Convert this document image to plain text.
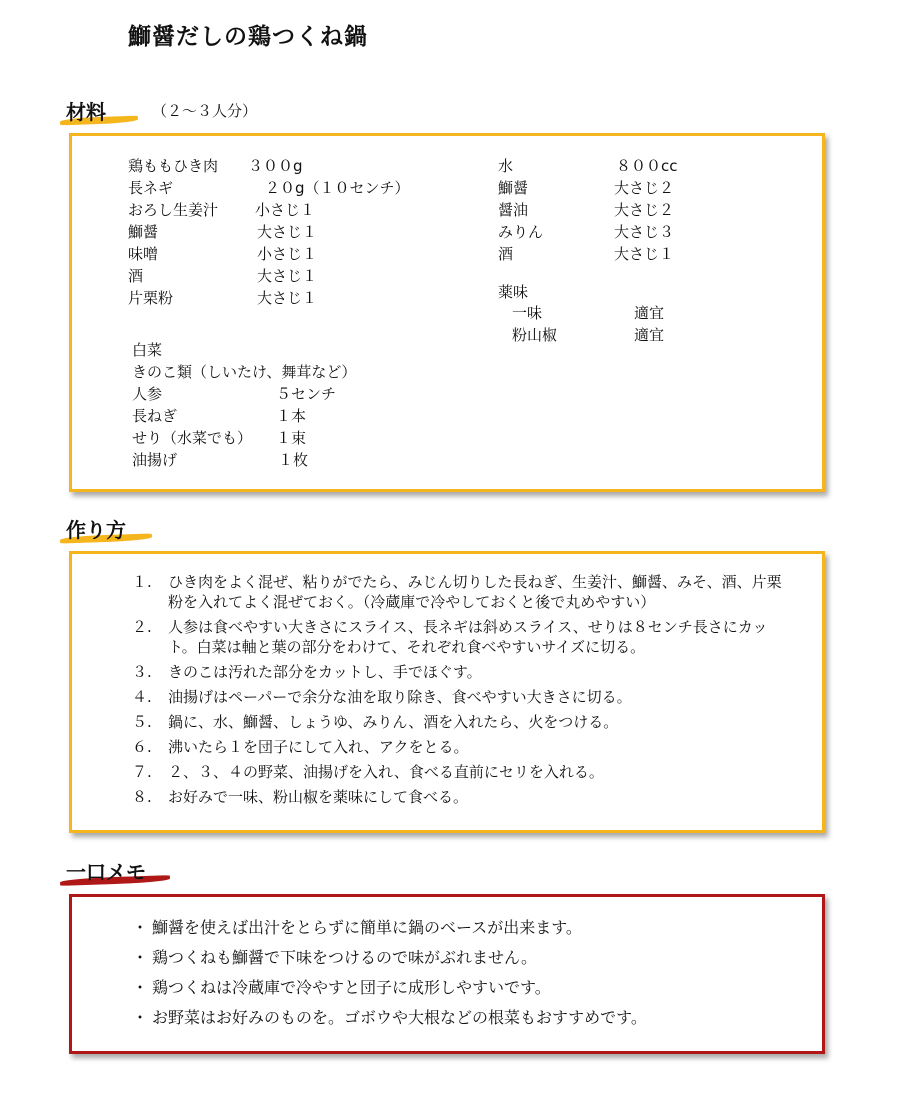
鰤醤だしの鶏つくね鍋
材料	（２～３人分）
鶏ももひき肉 ３００g
長ネギ	２０g（１０センチ）
おろし生姜汁 小さじ１
鰤醤	大さじ１
味噌	小さじ１
酒	大さじ１
片栗粉	大さじ１
白菜
きのこ類（しいたけ、舞茸など）
人参	５センチ
長ねぎ	１本
せり（水菜でも） １束
油揚げ	１枚
水	８００cc
鰤醤	大さじ２
醤油	大さじ２
みりん	大さじ３
酒	大さじ１
薬味
一味	適宜
粉山椒	適宜
作り方
１.	ひき肉をよく混ぜ、粘りがでたら、みじん切りした長ねぎ、生姜汁、鰤醤、みそ、酒、片栗粉を入れてよく混ぜておく。（冷蔵庫で冷やしておくと後で丸めやすい）
２.	人参は食べやすい大きさにスライス、長ネギは斜めスライス、せりは８センチ長さにカット。白菜は軸と葉の部分をわけて、それぞれ食べやすいサイズに切る。
３.	きのこは汚れた部分をカットし、手でほぐす。
４.	油揚げはペーパーで余分な油を取り除き、食べやすい大きさに切る。
５.	鍋に、水、鰤醤、しょうゆ、みりん、酒を入れたら、火をつける。
６.	沸いたら１を団子にして入れ、アクをとる。
７.	２、３、４の野菜、油揚げを入れ、食べる直前にセリを入れる。
８.	お好みで一味、粉山椒を薬味にして食べる。
一口メモ
・ 鰤醤を使えば出汁をとらずに簡単に鍋のベースが出来ます。
・ 鶏つくねも鰤醤で下味をつけるので味がぶれません。
・ 鶏つくねは冷蔵庫で冷やすと団子に成形しやすいです。
・ お野菜はお好みのものを。ゴボウや大根などの根菜もおすすめです。
